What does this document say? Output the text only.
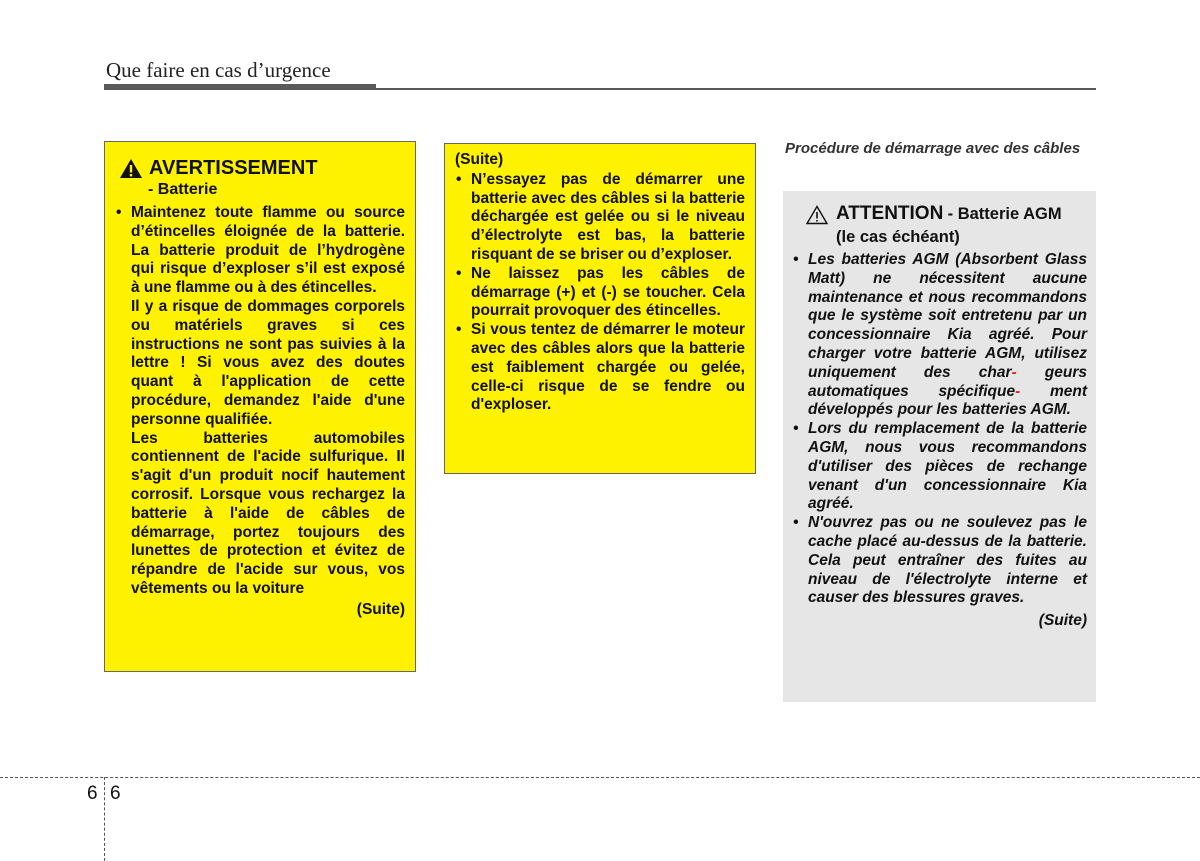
Que faire en cas d’urgence
AVERTISSEMENT
- Batterie
• Maintenez toute flamme ou source d’étincelles éloignée de la batterie. La batterie produit de l’hydrogène qui risque d’exploser s’il est exposé à une flamme ou à des étincelles.

Il y a risque de dommages corporels ou matériels graves si ces instructions ne sont pas suivies à la lettre ! Si vous avez des doutes quant à l'application de cette procédure, demandez l'aide d'une personne qualifiée.

Les batteries automobiles contiennent de l'acide sulfurique. Il s'agit d'un produit nocif hautement corrosif. Lorsque vous rechargez la batterie à l'aide de câbles de démarrage, portez toujours des lunettes de protection et évitez de répandre de l'acide sur vous, vos vêtements ou la voiture

(Suite)
(Suite)
• N’essayez pas de démarrer une batterie avec des câbles si la batterie déchargée est gelée ou si le niveau d’électrolyte est bas, la batterie risquant de se briser ou d’exploser.
• Ne laissez pas les câbles de démarrage (+) et (-) se toucher. Cela pourrait provoquer des étincelles.
• Si vous tentez de démarrer le moteur avec des câbles alors que la batterie est faiblement chargée ou gelée, celle-ci risque de se fendre ou d'exploser.
Procédure de démarrage avec des câbles
ATTENTION - Batterie AGM
(le cas échéant)
• Les batteries AGM (Absorbent Glass Matt) ne nécessitent aucune maintenance et nous recommandons que le système soit entretenu par un concessionnaire Kia agréé. Pour charger votre batterie AGM, utilisez uniquement des char- geurs automatiques spécifique- ment développés pour les batteries AGM.
• Lors du remplacement de la batterie AGM, nous vous recommandons d'utiliser des pièces de rechange venant d'un concessionnaire Kia agréé.
• N'ouvrez pas ou ne soulevez pas le cache placé au-dessus de la batterie. Cela peut entraîner des fuites au niveau de l'électrolyte interne et causer des blessures graves.
(Suite)
6 6
